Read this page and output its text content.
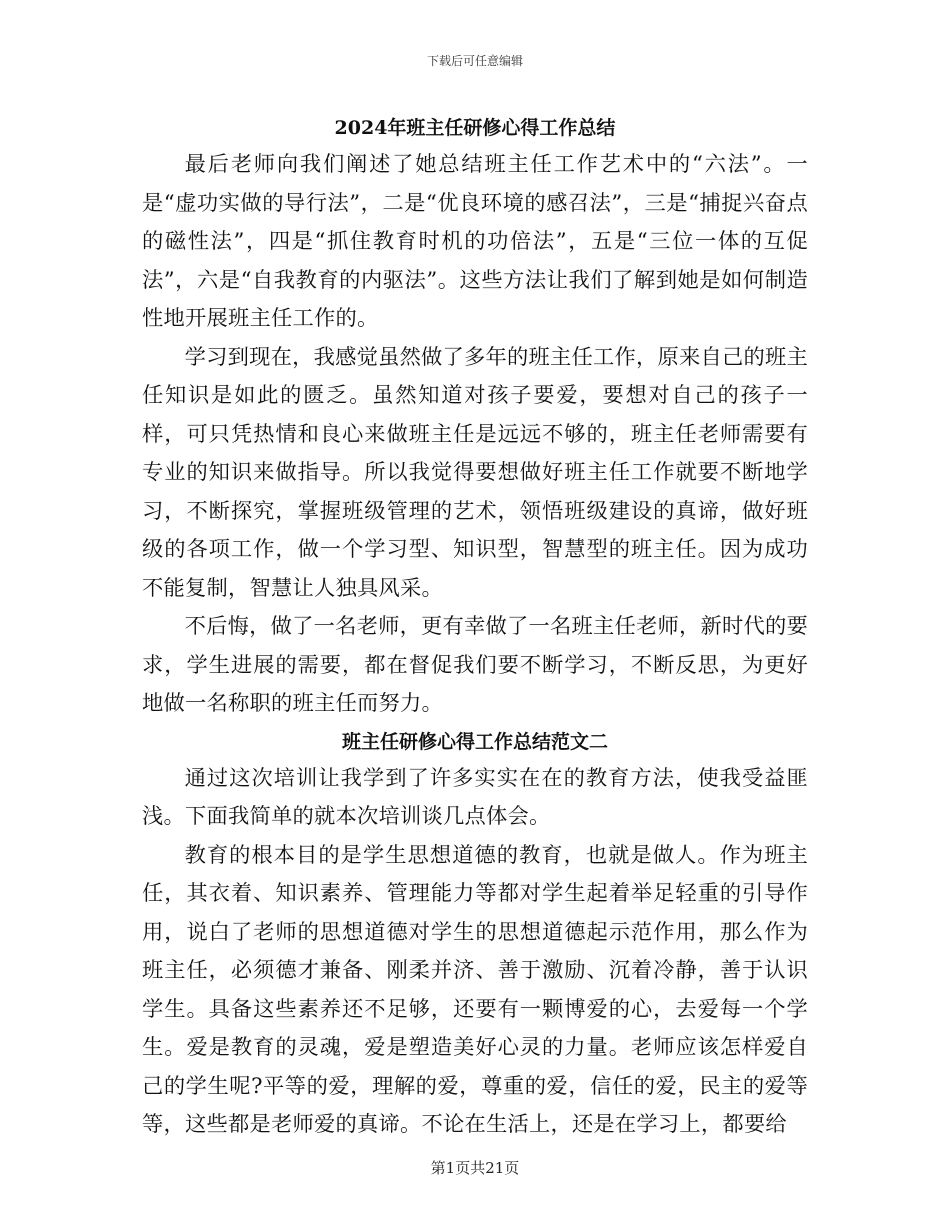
下载后可任意编辑
2024年班主任研修心得工作总结

最后老师向我们阐述了她总结班主任工作艺术中的“六法”。一是“虚功实做的导行法”，二是“优良环境的感召法”，三是“捕捉兴奋点的磁性法”，四是“抓住教育时机的功倍法”，五是“三位一体的互促法”，六是“自我教育的内驱法”。这些方法让我们了解到她是如何制造性地开展班主任工作的。

学习到现在，我感觉虽然做了多年的班主任工作，原来自己的班主任知识是如此的匮乏。虽然知道对孩子要爱，要想对自己的孩子一样，可只凭热情和良心来做班主任是远远不够的，班主任老师需要有专业的知识来做指导。所以我觉得要想做好班主任工作就要不断地学习，不断探究，掌握班级管理的艺术，领悟班级建设的真谛，做好班级的各项工作，做一个学习型、知识型，智慧型的班主任。因为成功不能复制，智慧让人独具风采。

不后悔，做了一名老师，更有幸做了一名班主任老师，新时代的要求，学生进展的需要，都在督促我们要不断学习，不断反思，为更好地做一名称职的班主任而努力。

班主任研修心得工作总结范文二

通过这次培训让我学到了许多实实在在的教育方法，使我受益匪浅。下面我简单的就本次培训谈几点体会。

教育的根本目的是学生思想道德的教育，也就是做人。作为班主任，其衣着、知识素养、管理能力等都对学生起着举足轻重的引导作用，说白了老师的思想道德对学生的思想道德起示范作用，那么作为班主任，必须德才兼备、刚柔并济、善于激励、沉着冷静，善于认识学生。具备这些素养还不足够，还要有一颗博爱的心，去爱每一个学生。爱是教育的灵魂，爱是塑造美好心灵的力量。老师应该怎样爱自己的学生呢?平等的爱，理解的爱，尊重的爱，信任的爱，民主的爱等等，这些都是老师爱的真谛。不论在生活上，还是在学习上，都要给

第1页共21页
